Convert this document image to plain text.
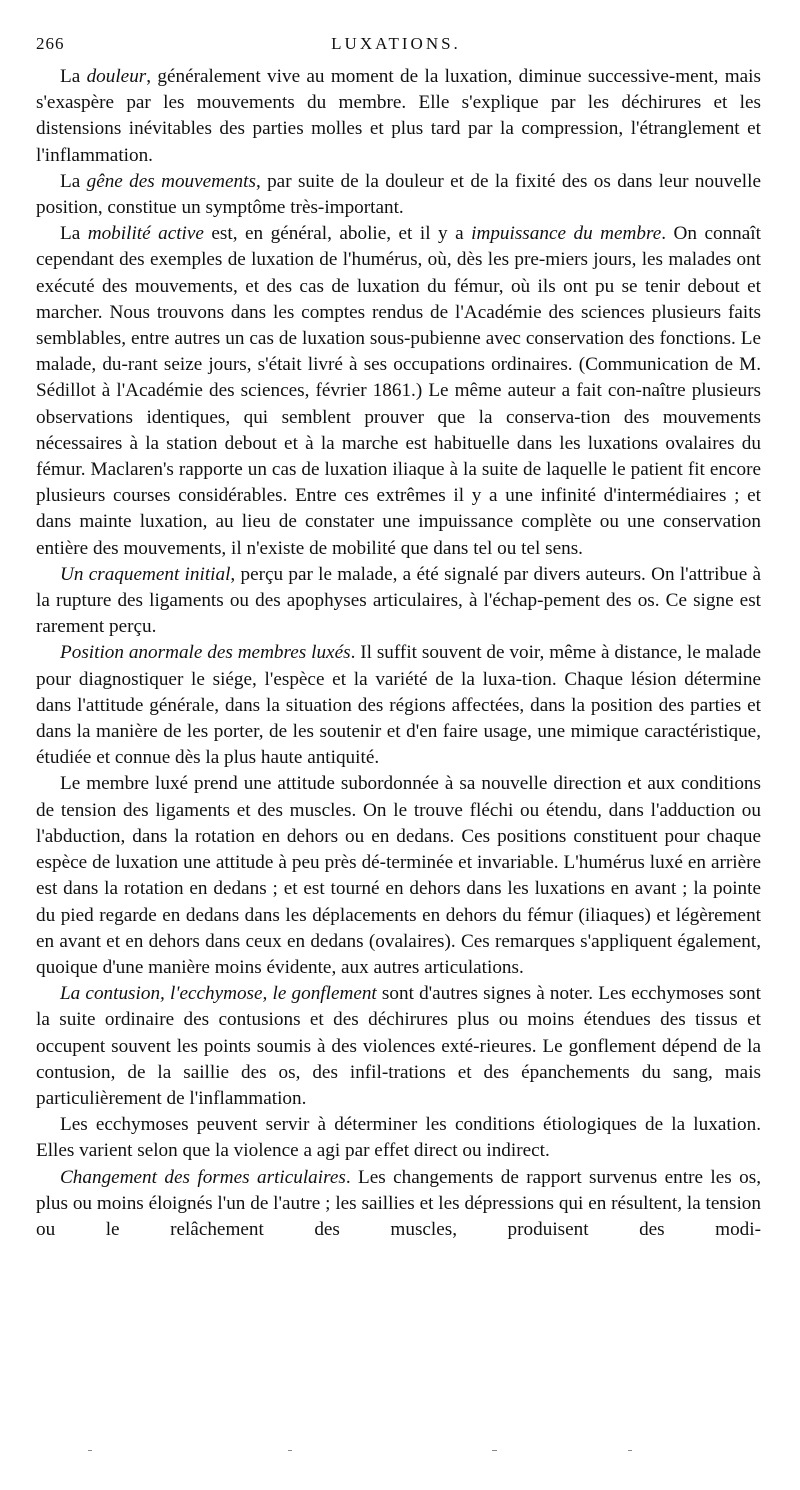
266	LUXATIONS.

La douleur, généralement vive au moment de la luxation, diminue successive-ment, mais s'exaspère par les mouvements du membre. Elle s'explique par les déchirures et les distensions inévitables des parties molles et plus tard par la compression, l'étranglement et l'inflammation.

La gêne des mouvements, par suite de la douleur et de la fixité des os dans leur nouvelle position, constitue un symptôme très-important.

La mobilité active est, en général, abolie, et il y a impuissance du membre. On connaît cependant des exemples de luxation de l'humérus, où, dès les pre-miers jours, les malades ont exécuté des mouvements, et des cas de luxation du fémur, où ils ont pu se tenir debout et marcher. Nous trouvons dans les comptes rendus de l'Académie des sciences plusieurs faits semblables, entre autres un cas de luxation sous-pubienne avec conservation des fonctions. Le malade, du-rant seize jours, s'était livré à ses occupations ordinaires. (Communication de M. Sédillot à l'Académie des sciences, février 1861.) Le même auteur a fait con-naître plusieurs observations identiques, qui semblent prouver que la conserva-tion des mouvements nécessaires à la station debout et à la marche est habituelle dans les luxations ovalaires du fémur. Maclaren's rapporte un cas de luxation iliaque à la suite de laquelle le patient fit encore plusieurs courses considérables. Entre ces extrêmes il y a une infinité d'intermédiaires ; et dans mainte luxation, au lieu de constater une impuissance complète ou une conservation entière des mouvements, il n'existe de mobilité que dans tel ou tel sens.

Un craquement initial, perçu par le malade, a été signalé par divers auteurs. On l'attribue à la rupture des ligaments ou des apophyses articulaires, à l'échap-pement des os. Ce signe est rarement perçu.

Position anormale des membres luxés. Il suffit souvent de voir, même à distance, le malade pour diagnostiquer le siége, l'espèce et la variété de la luxa-tion. Chaque lésion détermine dans l'attitude générale, dans la situation des régions affectées, dans la position des parties et dans la manière de les porter, de les soutenir et d'en faire usage, une mimique caractéristique, étudiée et connue dès la plus haute antiquité.

Le membre luxé prend une attitude subordonnée à sa nouvelle direction et aux conditions de tension des ligaments et des muscles. On le trouve fléchi ou étendu, dans l'adduction ou l'abduction, dans la rotation en dehors ou en dedans. Ces positions constituent pour chaque espèce de luxation une attitude à peu près dé-terminée et invariable. L'humérus luxé en arrière est dans la rotation en dedans ; et est tourné en dehors dans les luxations en avant ; la pointe du pied regarde en dedans dans les déplacements en dehors du fémur (iliaques) et légèrement en avant et en dehors dans ceux en dedans (ovalaires). Ces remarques s'appliquent également, quoique d'une manière moins évidente, aux autres articulations.

La contusion, l'ecchymose, le gonflement sont d'autres signes à noter. Les ecchymoses sont la suite ordinaire des contusions et des déchirures plus ou moins étendues des tissus et occupent souvent les points soumis à des violences exté-rieures. Le gonflement dépend de la contusion, de la saillie des os, des infil-trations et des épanchements du sang, mais particulièrement de l'inflammation.

Les ecchymoses peuvent servir à déterminer les conditions étiologiques de la luxation. Elles varient selon que la violence a agi par effet direct ou indirect.

Changement des formes articulaires. Les changements de rapport survenus entre les os, plus ou moins éloignés l'un de l'autre ; les saillies et les dépressions qui en résultent, la tension ou le relâchement des muscles, produisent des modi-
